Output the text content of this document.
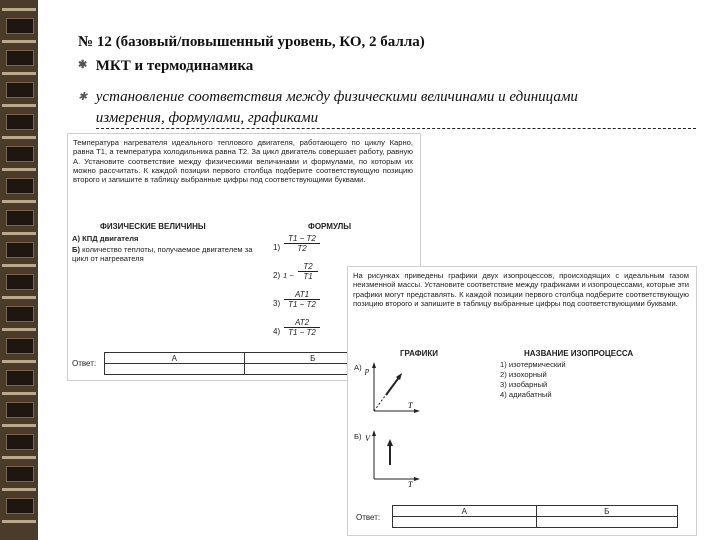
№ 12 (базовый/повышенный уровень, КО, 2 балла)
✱ МКТ и термодинамика
✱ установление соответствия между физическими величинами и единицами измерения, формулами, графиками
Температура нагревателя идеального теплового двигателя, работающего по циклу Карно, равна T1, а температура холодильника равна T2. За цикл двигатель совершает работу, равную A. Установите соответствие между физическими величинами и формулами, по которым их можно рассчитать. К каждой позиции первого столбца подберите соответствующую позицию второго и запишите в таблицу выбранные цифры под соответствующими буквами.
ФИЗИЧЕСКИЕ ВЕЛИЧИНЫ	ФОРМУЛЫ
А) КПД двигателя
Б) количество теплоты, получаемое двигателем за цикл от нагревателя
$1) \frac{T1 - T2}{T2}$
2) $1 - \frac{T2}{T1}$
$3) \frac{AT1}{T1 - T2}$
$4) \frac{AT2}{T1 - T2}$
Ответ:
А	Б

На рисунках приведены графики двух изопроцессов, происходящих с идеальным газом неизменной массы. Установите соответствие между графиками и изопроцессами, которые эти графики могут представлять. К каждой позиции первого столбца подберите соответствующую позицию второго и запишите в таблицу выбранные цифры под соответствующими буквами.
ГРАФИКИ	НАЗВАНИЕ ИЗОПРОЦЕССА
1) изотермический
2) изохорный
3) изобарный
4) адиабатный
А) p
T
Б) V
T
Ответ:
А	Б
